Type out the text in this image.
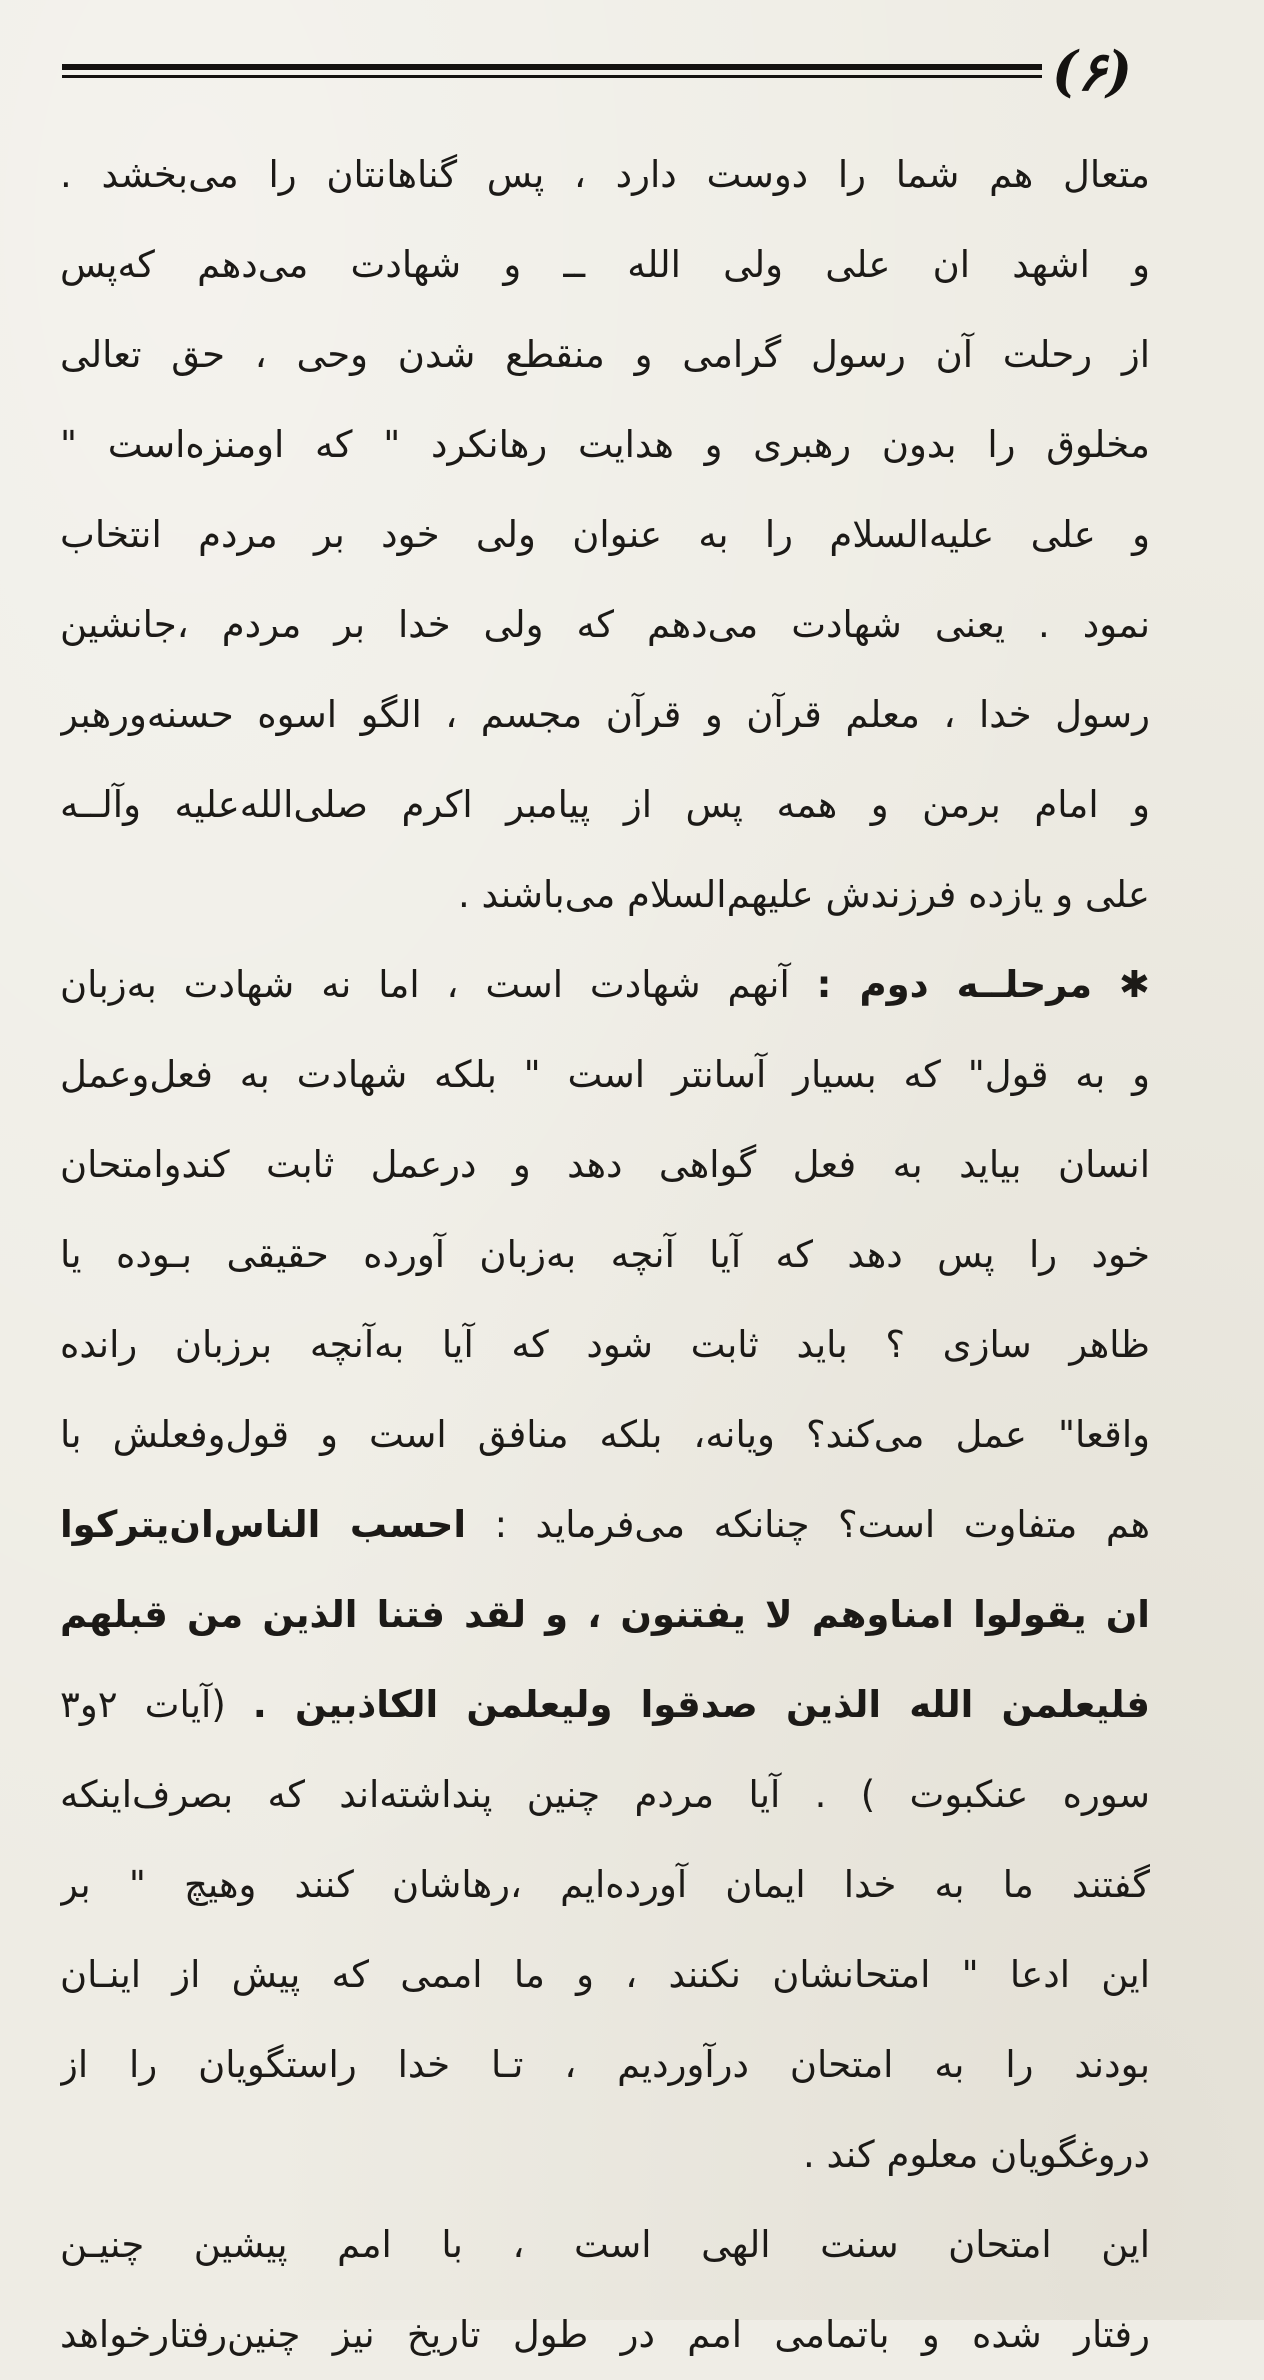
(۶)
متعال هم شما را دوست دارد ، پس گناهانتان را می‌بخشد .
و اشهد ان علی ولی الله ــ و شهادت می‌دهم که‌پس
از رحلت آن رسول گرامی و منقطع شدن وحی ، حق تعالی
مخلوق را بدون رهبری و هدایت رهانکرد " که اومنزه‌است "
و علی علیه‌السلام را به عنوان ولی خود بر مردم انتخاب
نمود . یعنی شهادت می‌دهم که ولی خدا بر مردم ،جانشین
رسول خدا ، معلم قرآن و قرآن مجسم ، الگو اسوه حسنه‌ورهبر
و امام برمن و همه پس از پیامبر اکرم صلی‌الله‌علیه وآلــه
علی و یازده فرزندش علیهم‌السلام می‌باشند .
✱ مرحلــه دوم : آنهم شهادت است ، اما نه شهادت به‌زبان
و به قول" که بسیار آسانتر است " بلکه شهادت به فعل‌وعمل
انسان بیاید به فعل گواهی دهد و درعمل ثابت کندوامتحان
خود را پس دهد که آیا آنچه به‌زبان آورده حقیقی بـوده یا
ظاهر سازی ؟ باید ثابت شود که آیا به‌آنچه برزبان رانده
واقعا" عمل می‌کند؟ ویانه، بلکه منافق است و قول‌وفعلش با
هم متفاوت است؟ چنانکه می‌فرماید : احسب الناس‌ان‌یترکوا
ان یقولوا امناوهم لا یفتنون ، و لقد فتنا الذین من قبلهم
فلیعلمن الله الذین صدقوا ولیعلمن الکاذبین . (آیات ۲و۳
سوره عنکبوت ) . آیا مردم چنین پنداشته‌اند که بصرف‌اینکه
گفتند ما به خدا ایمان آورده‌ایم ،رهاشان کنند وهیچ " بر
این ادعا " امتحانشان نکنند ، و ما اممی که پیش از اینـان
بودند را به امتحان درآوردیم ، تـا خدا راستگویان را از
دروغگویان معلوم کند .
این امتحان سنت الهی است ، با امم پیشین چنیـن
رفتار شده و باتمامی امم در طول تاریخ نیز چنین‌رفتارخواهد
